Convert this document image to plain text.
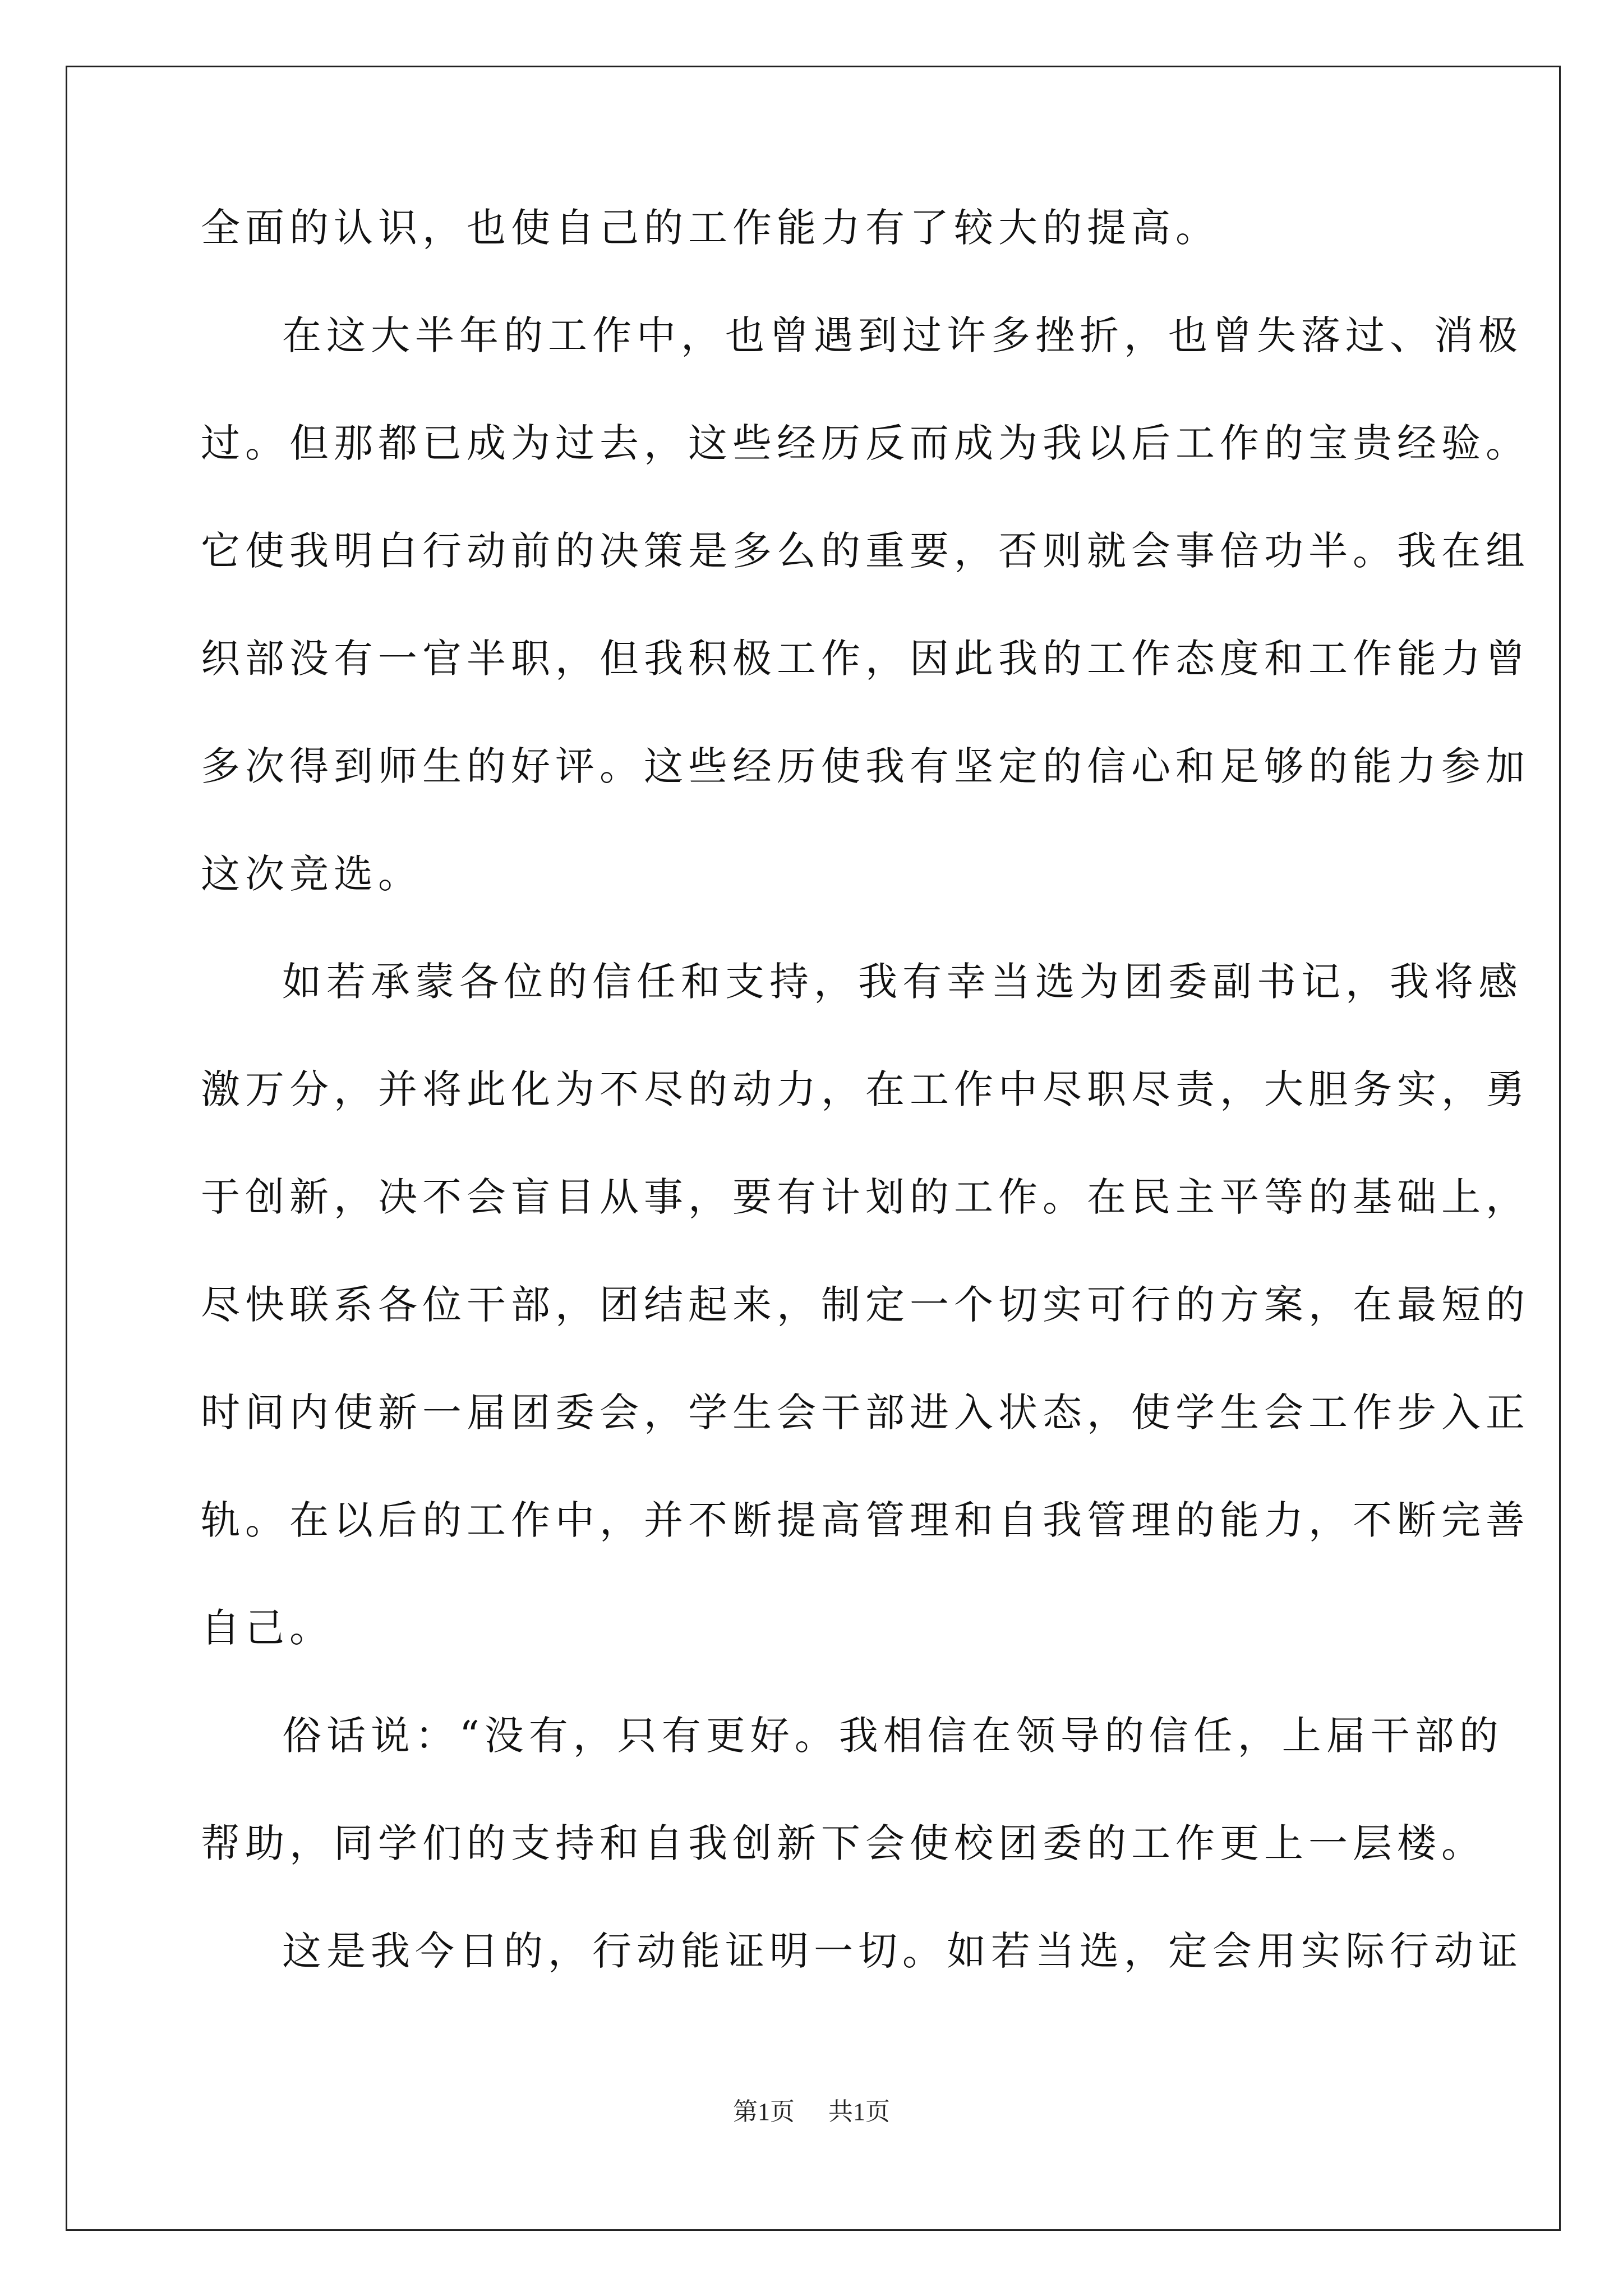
全面的认识，也使自己的工作能力有了较大的提高。
在这大半年的工作中，也曾遇到过许多挫折，也曾失落过、消极
过。但那都已成为过去，这些经历反而成为我以后工作的宝贵经验。
它使我明白行动前的决策是多么的重要，否则就会事倍功半。我在组
织部没有一官半职，但我积极工作，因此我的工作态度和工作能力曾
多次得到师生的好评。这些经历使我有坚定的信心和足够的能力参加
这次竞选。
如若承蒙各位的信任和支持，我有幸当选为团委副书记，我将感
激万分，并将此化为不尽的动力，在工作中尽职尽责，大胆务实，勇
于创新，决不会盲目从事，要有计划的工作。在民主平等的基础上，
尽快联系各位干部，团结起来，制定一个切实可行的方案，在最短的
时间内使新一届团委会，学生会干部进入状态，使学生会工作步入正
轨。在以后的工作中，并不断提高管理和自我管理的能力，不断完善
自己。
俗话说：“没有，只有更好。我相信在领导的信任，上届干部的
帮助，同学们的支持和自我创新下会使校团委的工作更上一层楼。
这是我今日的，行动能证明一切。如若当选，定会用实际行动证
第1页 共1页
